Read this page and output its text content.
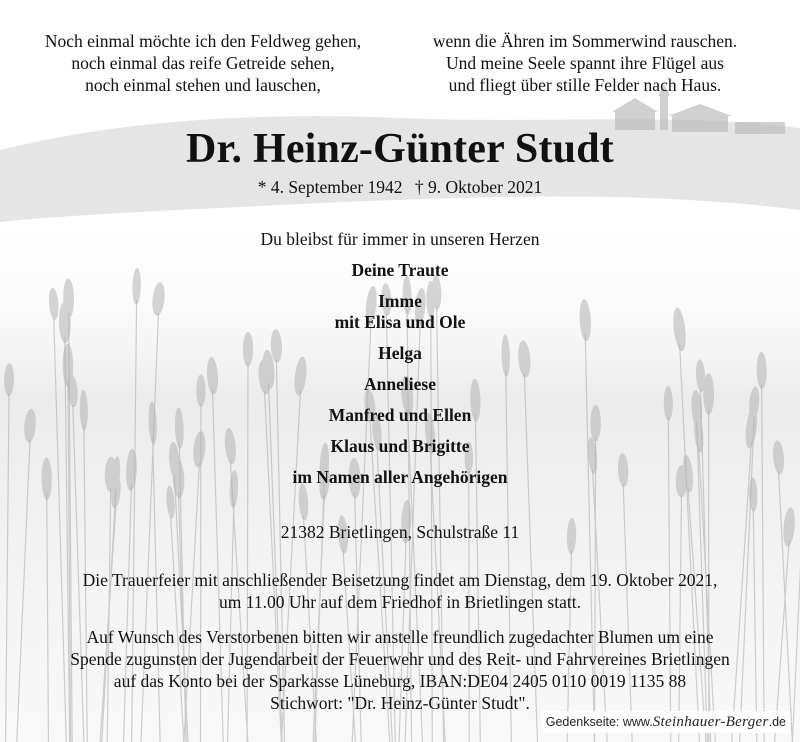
Noch einmal möchte ich den Feldweg gehen,
noch einmal das reife Getreide sehen,
noch einmal stehen und lauschen,
wenn die Ähren im Sommerwind rauschen.
Und meine Seele spannt ihre Flügel aus
und fliegt über stille Felder nach Haus.
Dr. Heinz-Günter Studt
* 4. September 1942 † 9. Oktober 2021
Du bleibst für immer in unseren Herzen
Deine Traute
Imme
mit Elisa und Ole
Helga
Anneliese
Manfred und Ellen
Klaus und Brigitte
im Namen aller Angehörigen
21382 Brietlingen, Schulstraße 11
Die Trauerfeier mit anschließender Beisetzung findet am Dienstag, dem 19. Oktober 2021,
um 11.00 Uhr auf dem Friedhof in Brietlingen statt.
Auf Wunsch des Verstorbenen bitten wir anstelle freundlich zugedachter Blumen um eine
Spende zugunsten der Jugendarbeit der Feuerwehr und des Reit- und Fahrvereines Brietlingen
auf das Konto bei der Sparkasse Lüneburg, IBAN:DE04 2405 0110 0019 1135 88
Stichwort: "Dr. Heinz-Günter Studt".
Gedenkseite: www.Steinhauer-Berger.de
